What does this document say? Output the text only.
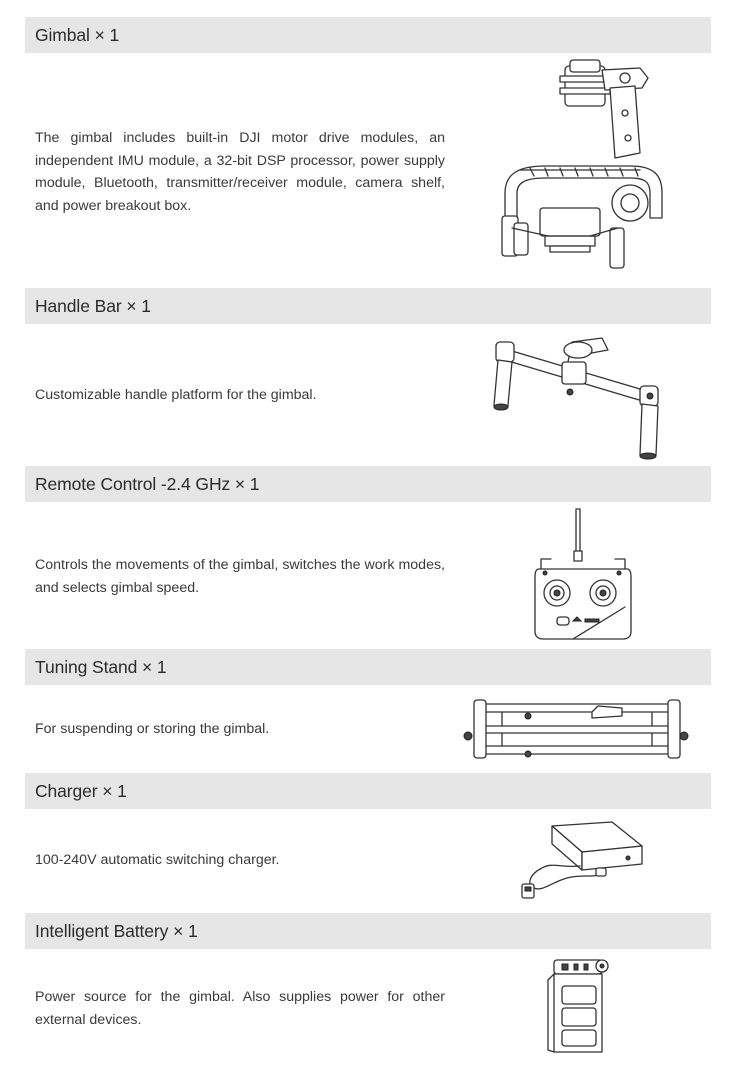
Gimbal × 1
The gimbal includes built-in DJI motor drive modules, an independent IMU module, a 32-bit DSP processor, power supply module, Bluetooth, transmitter/receiver module, camera shelf, and power breakout box.
Handle Bar × 1
Customizable handle platform for the gimbal.
Remote Control -2.4 GHz × 1
Controls the movements of the gimbal, switches the work modes, and selects gimbal speed.
Tuning Stand × 1
For suspending or storing the gimbal.
Charger × 1
100-240V automatic switching charger.
Intelligent Battery × 1
Power source for the gimbal. Also supplies power for other external devices.
